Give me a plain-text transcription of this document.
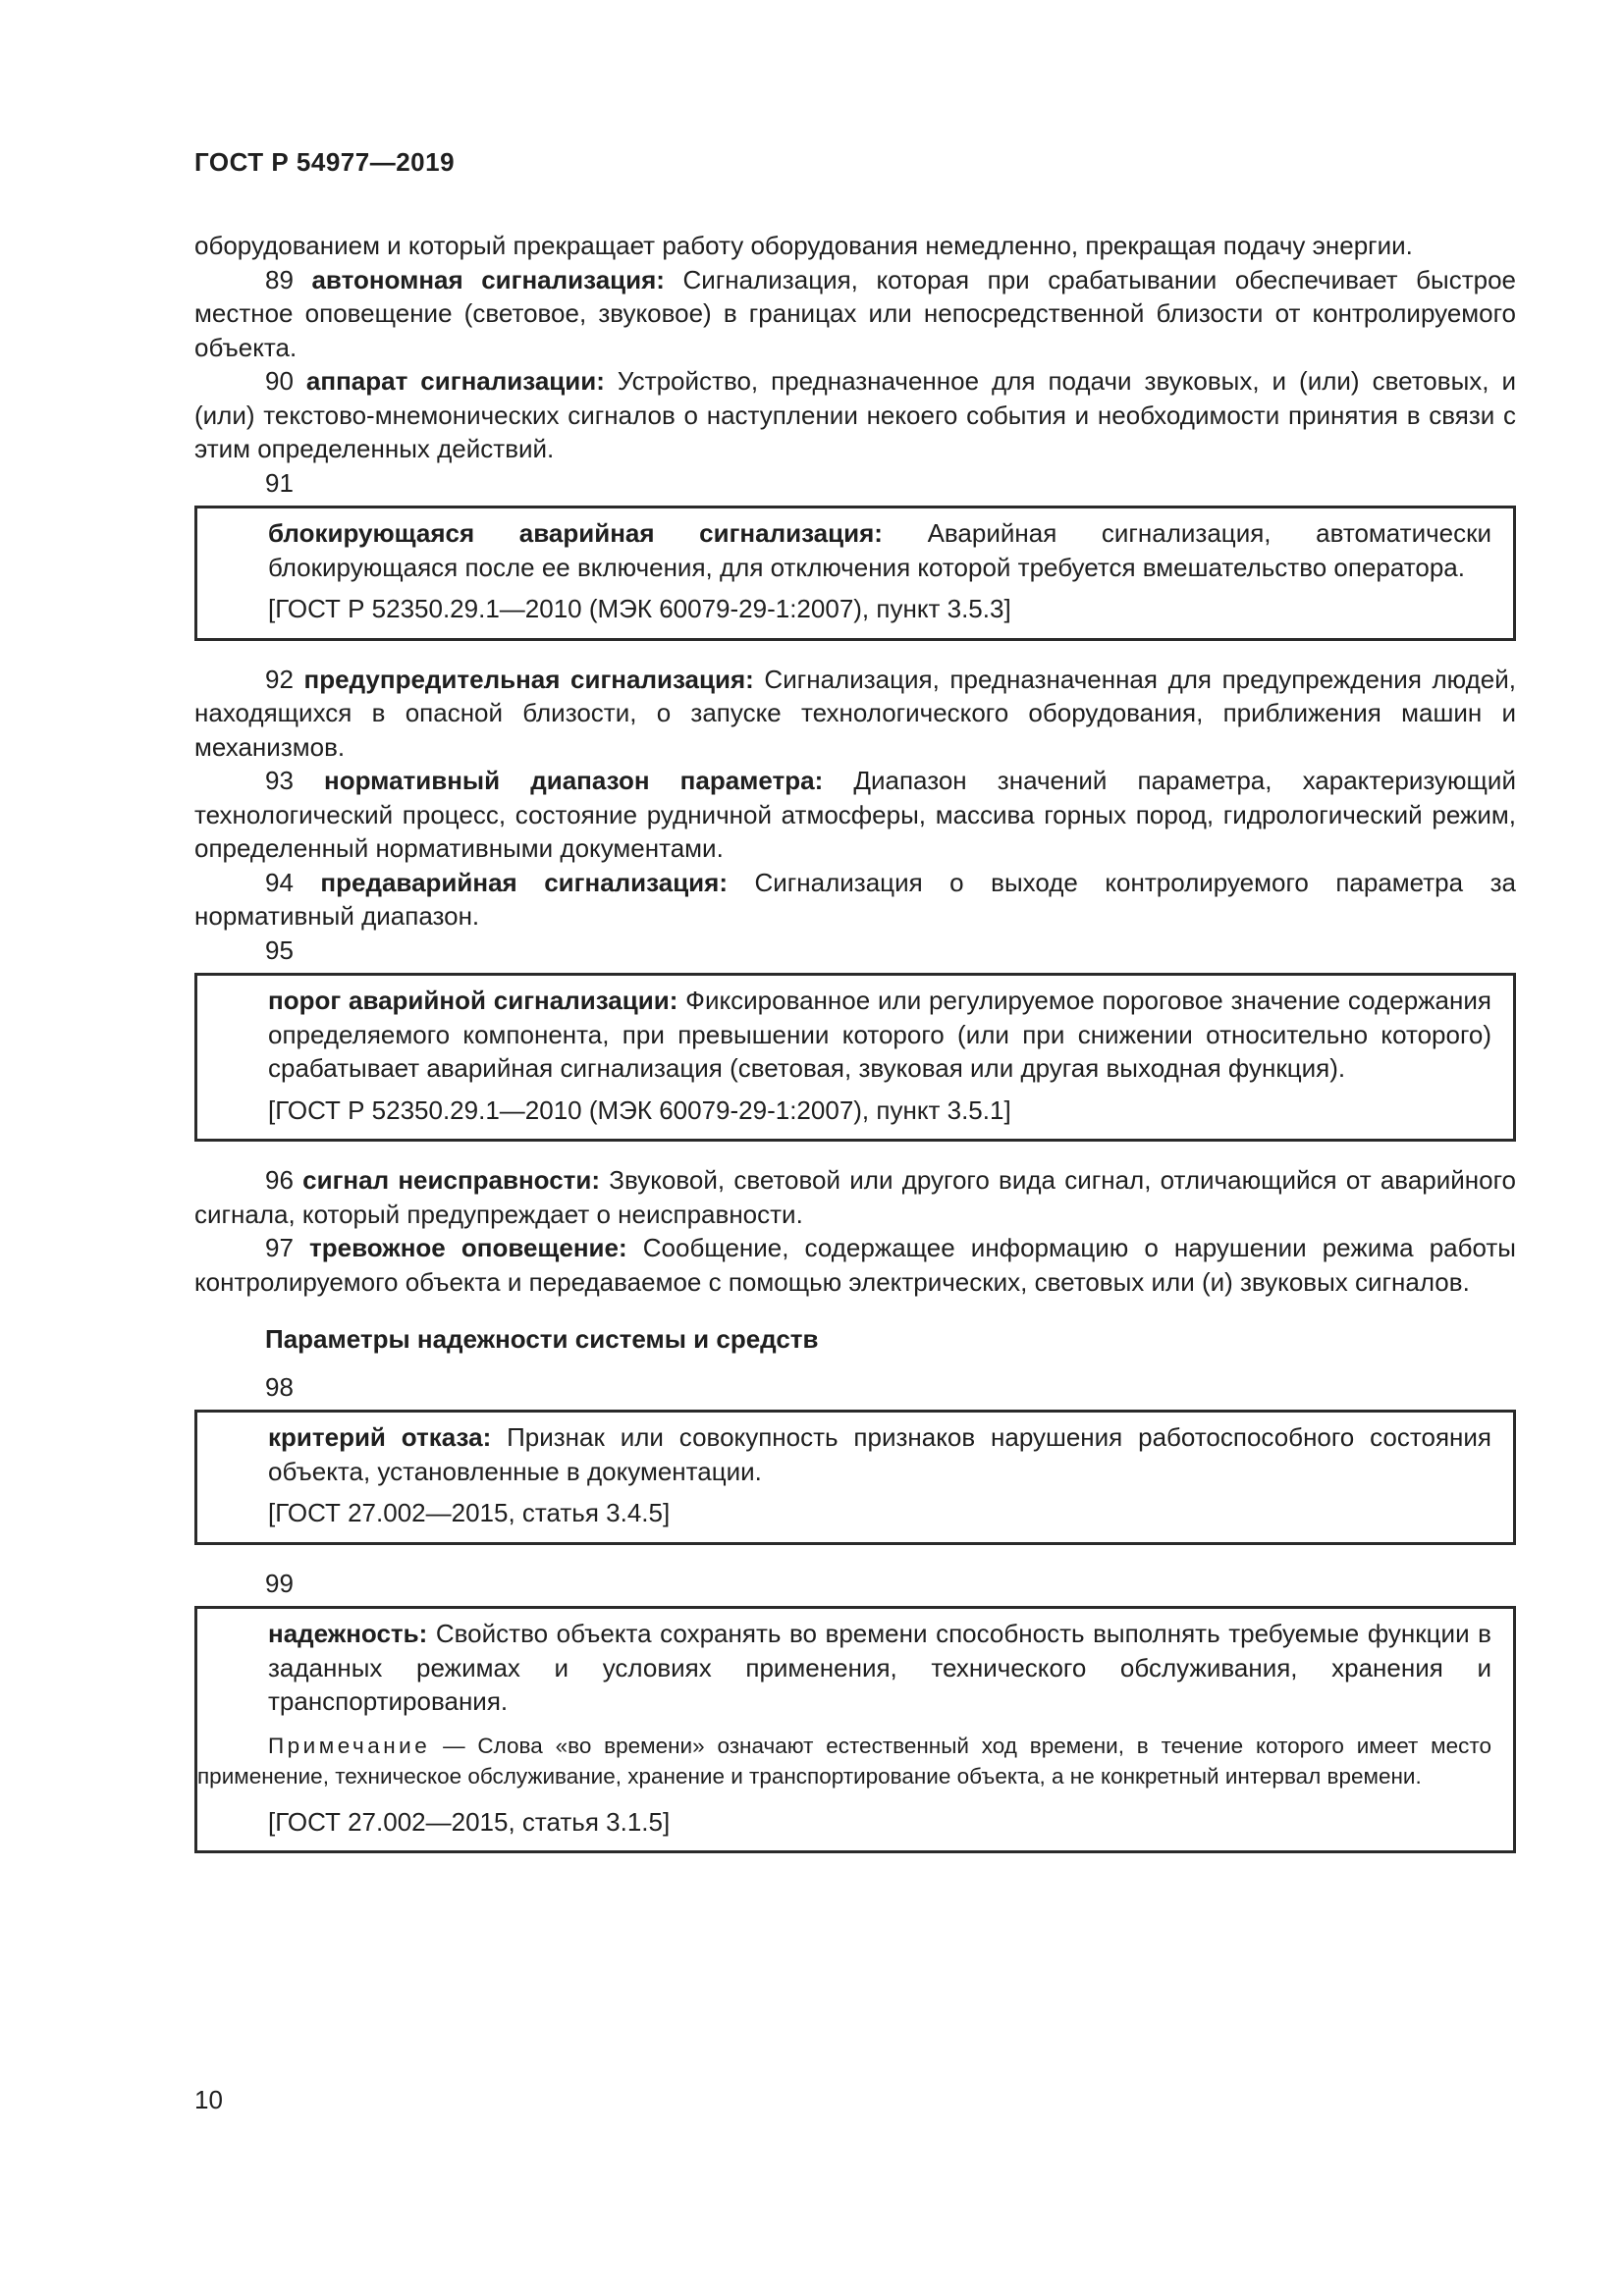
ГОСТ Р 54977—2019

оборудованием и который прекращает работу оборудования немедленно, прекращая подачу энергии.

89 автономная сигнализация: Сигнализация, которая при срабатывании обеспечивает быстрое местное оповещение (световое, звуковое) в границах или непосредственной близости от контролируемого объекта.

90 аппарат сигнализации: Устройство, предназначенное для подачи звуковых, и (или) световых, и (или) текстово-мнемонических сигналов о наступлении некоего события и необходимости принятия в связи с этим определенных действий.

91

блокирующаяся аварийная сигнализация: Аварийная сигнализация, автоматически блокирующаяся после ее включения, для отключения которой требуется вмешательство оператора.

[ГОСТ Р 52350.29.1—2010 (МЭК 60079-29-1:2007), пункт 3.5.3]

92 предупредительная сигнализация: Сигнализация, предназначенная для предупреждения людей, находящихся в опасной близости, о запуске технологического оборудования, приближения машин и механизмов.

93 нормативный диапазон параметра: Диапазон значений параметра, характеризующий технологический процесс, состояние рудничной атмосферы, массива горных пород, гидрологический режим, определенный нормативными документами.

94 предаварийная сигнализация: Сигнализация о выходе контролируемого параметра за нормативный диапазон.

95

порог аварийной сигнализации: Фиксированное или регулируемое пороговое значение содержания определяемого компонента, при превышении которого (или при снижении относительно которого) срабатывает аварийная сигнализация (световая, звуковая или другая выходная функция).

[ГОСТ Р 52350.29.1—2010 (МЭК 60079-29-1:2007), пункт 3.5.1]

96 сигнал неисправности: Звуковой, световой или другого вида сигнал, отличающийся от аварийного сигнала, который предупреждает о неисправности.

97 тревожное оповещение: Сообщение, содержащее информацию о нарушении режима работы контролируемого объекта и передаваемое с помощью электрических, световых или (и) звуковых сигналов.

Параметры надежности системы и средств

98

критерий отказа: Признак или совокупность признаков нарушения работоспособного состояния объекта, установленные в документации.

[ГОСТ 27.002—2015, статья 3.4.5]

99

надежность: Свойство объекта сохранять во времени способность выполнять требуемые функции в заданных режимах и условиях применения, технического обслуживания, хранения и транспортирования.

Примечание — Слова «во времени» означают естественный ход времени, в течение которого имеет место применение, техническое обслуживание, хранение и транспортирование объекта, а не конкретный интервал времени.

[ГОСТ 27.002—2015, статья 3.1.5]

10
